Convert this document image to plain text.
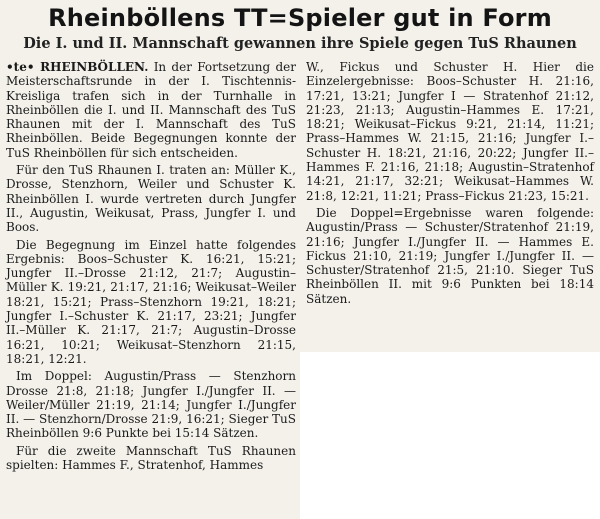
Rheinböllens TT=Spieler gut in Form
Die I. und II. Mannschaft gewannen ihre Spiele gegen TuS Rhaunen

•te• RHEINBÖLLEN. In der Fortsetzung der Meisterschaftsrunde in der I. Tischtennis-Kreisliga trafen sich in der Turnhalle in Rheinböllen die I. und II. Mannschaft des TuS Rhaunen mit der I. Mannschaft des TuS Rheinböllen. Beide Begegnungen konnte der TuS Rheinböllen für sich entscheiden.

Für den TuS Rhaunen I. traten an: Müller K., Drosse, Stenzhorn, Weiler und Schuster K. Rheinböllen I. wurde vertreten durch Jungfer II., Augustin, Weikusat, Prass, Jungfer I. und Boos.

Die Begegnung im Einzel hatte folgendes Ergebnis: Boos–Schuster K. 16:21, 15:21; Jungfer II.–Drosse 21:12, 21:7; Augustin–Müller K. 19:21, 21:17, 21:16; Weikusat–Weiler 18:21, 15:21; Prass–Stenzhorn 19:21, 18:21; Jungfer I.–Schuster K. 21:17, 23:21; Jungfer II.–Müller K. 21:17, 21:7; Augustin–Drosse 16:21, 10:21; Weikusat–Stenzhorn 21:15, 18:21, 12:21.

Im Doppel: Augustin/Prass — Stenzhorn Drosse 21:8, 21:18; Jungfer I./Jungfer II. — Weiler/Müller 21:19, 21:14; Jungfer I./Jungfer II. — Stenzhorn/Drosse 21:9, 16:21; Sieger TuS Rheinböllen 9:6 Punkte bei 15:14 Sätzen.

Für die zweite Mannschaft TuS Rhaunen spielten: Hammes F., Stratenhof, Hammes

W., Fickus und Schuster H. Hier die Einzelergebnisse: Boos–Schuster H. 21:16, 17:21, 13:21; Jungfer I — Stratenhof 21:12, 21:23, 21:13; Augustin–Hammes E. 17:21, 18:21; Weikusat–Fickus 9:21, 21:14, 11:21; Prass–Hammes W. 21:15, 21:16; Jungfer I.–Schuster H. 18:21, 21:16, 20:22; Jungfer II.–Hammes F. 21:16, 21:18; Augustin–Stratenhof 14:21, 21:17, 32:21; Weikusat–Hammes W. 21:8, 12:21, 11:21; Prass–Fickus 21:23, 15:21.

Die Doppel=Ergebnisse waren folgende: Augustin/Prass — Schuster/Stratenhof 21:19, 21:16; Jungfer I./Jungfer II. — Hammes E. Fickus 21:10, 21:19; Jungfer I./Jungfer II. — Schuster/Stratenhof 21:5, 21:10. Sieger TuS Rheinböllen II. mit 9:6 Punkten bei 18:14 Sätzen.
